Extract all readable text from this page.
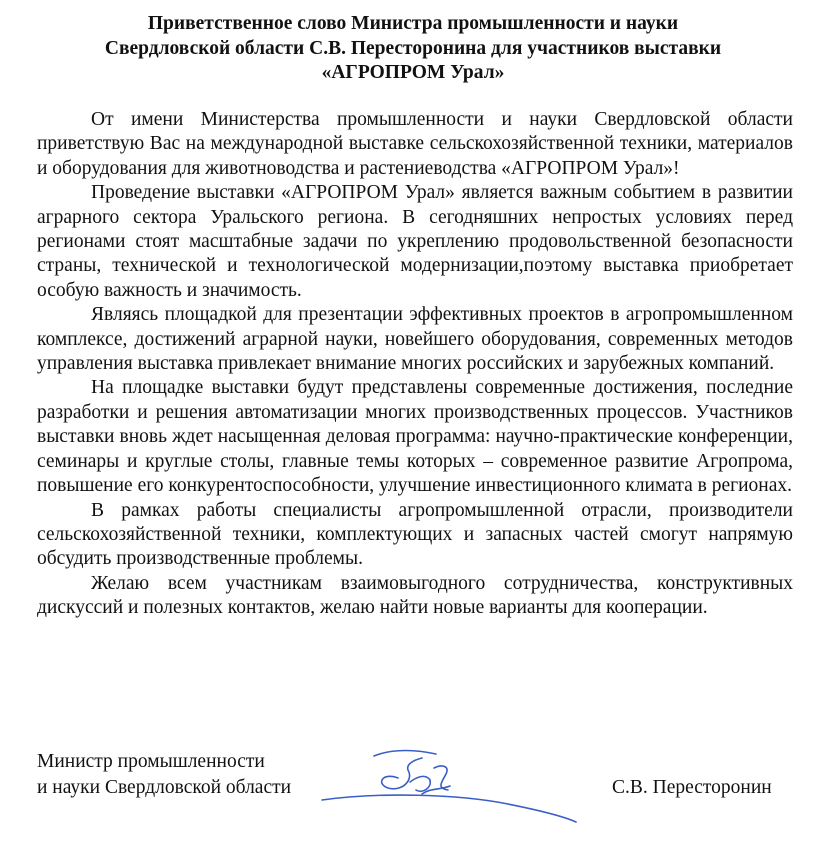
Приветственное слово Министра промышленности и науки
Свердловской области С.В. Пересторонина для участников выставки
«АГРОПРОМ Урал»

От имени Министерства промышленности и науки Свердловской области приветствую Вас на международной выставке сельскохозяйственной техники, материалов и оборудования для животноводства и растениеводства «АГРОПРОМ Урал»!

Проведение выставки «АГРОПРОМ Урал» является важным событием в развитии аграрного сектора Уральского региона. В сегодняшних непростых условиях перед регионами стоят масштабные задачи по укреплению продовольственной безопасности страны, технической и технологической модернизации,поэтому выставка приобретает особую важность и значимость.

Являясь площадкой для презентации эффективных проектов в агропромышленном комплексе, достижений аграрной науки, новейшего оборудования, современных методов управления выставка привлекает внимание многих российских и зарубежных компаний.

На площадке выставки будут представлены современные достижения, последние разработки и решения автоматизации многих производственных процессов. Участников выставки вновь ждет насыщенная деловая программа: научно-практические конференции, семинары и круглые столы, главные темы которых – современное развитие Агропрома, повышение его конкурентоспособности, улучшение инвестиционного климата в регионах.

В рамках работы специалисты агропромышленной отрасли, производители сельскохозяйственной техники, комплектующих и запасных частей смогут напрямую обсудить производственные проблемы.

Желаю всем участникам взаимовыгодного сотрудничества, конструктивных дискуссий и полезных контактов, желаю найти новые варианты для кооперации.

Министр промышленности
и науки Свердловской области	С.В. Пересторонин
